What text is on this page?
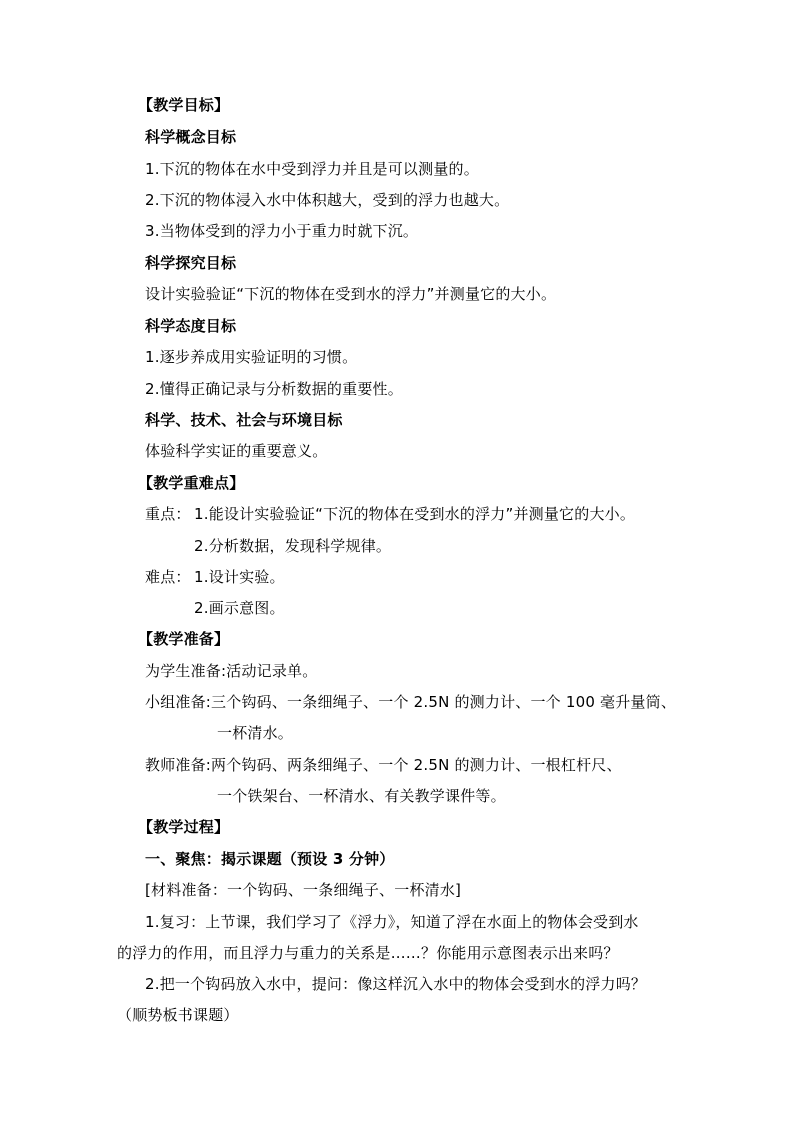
【教学目标】
科学概念目标
1.下沉的物体在水中受到浮力并且是可以测量的。
2.下沉的物体浸入水中体积越大，受到的浮力也越大。
3.当物体受到的浮力小于重力时就下沉。
科学探究目标
设计实验验证“下沉的物体在受到水的浮力”并测量它的大小。
科学态度目标
1.逐步养成用实验证明的习惯。
2.懂得正确记录与分析数据的重要性。
科学、技术、社会与环境目标
体验科学实证的重要意义。
【教学重难点】
重点： 1.能设计实验验证“下沉的物体在受到水的浮力”并测量它的大小。
2.分析数据，发现科学规律。
难点： 1.设计实验。
2.画示意图。
【教学准备】
为学生准备:活动记录单。
小组准备:三个钩码、一条细绳子、一个 2.5N 的测力计、一个 100 毫升量筒、
一杯清水。
教师准备:两个钩码、两条细绳子、一个 2.5N 的测力计、一根杠杆尺、
一个铁架台、一杯清水、有关教学课件等。
【教学过程】
一、聚焦：揭示课题（预设 3 分钟）
[材料准备：一个钩码、一条细绳子、一杯清水]
1.复习：上节课，我们学习了《浮力》，知道了浮在水面上的物体会受到水
的浮力的作用，而且浮力与重力的关系是……？你能用示意图表示出来吗？
2.把一个钩码放入水中，提问：像这样沉入水中的物体会受到水的浮力吗？
（顺势板书课题）
